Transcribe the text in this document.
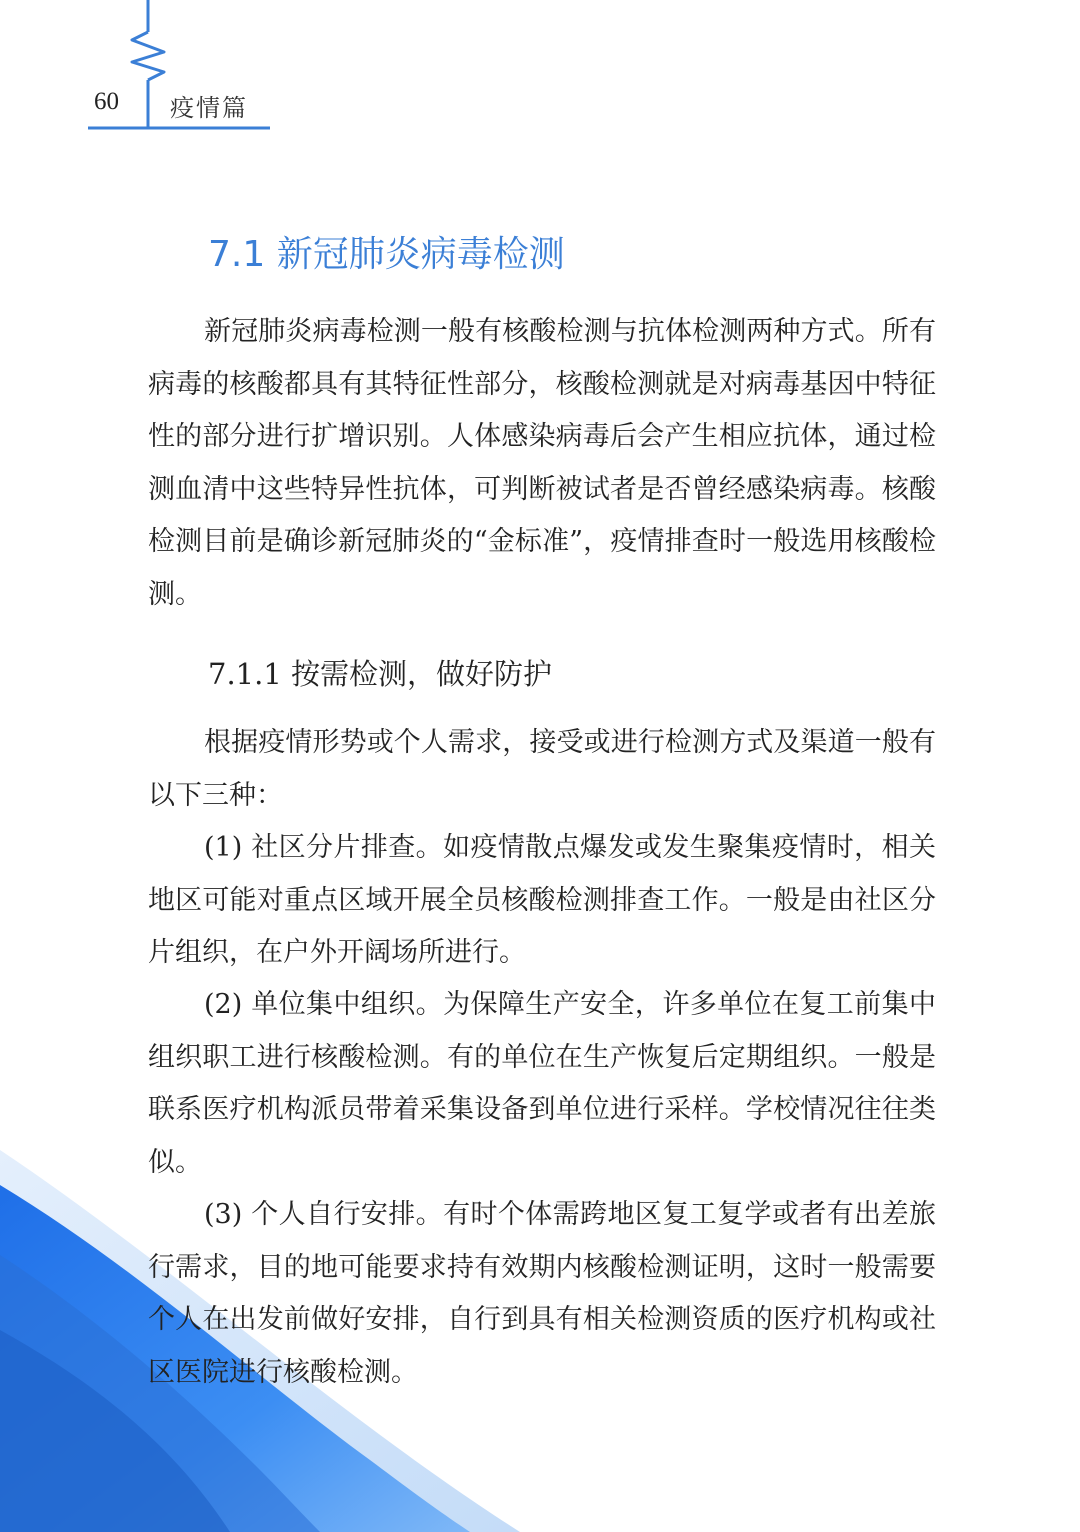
60 疫情篇
7.1 新冠肺炎病毒检测

新冠肺炎病毒检测一般有核酸检测与抗体检测两种方式。所有病毒的核酸都具有其特征性部分，核酸检测就是对病毒基因中特征性的部分进行扩增识别。人体感染病毒后会产生相应抗体，通过检测血清中这些特异性抗体，可判断被试者是否曾经感染病毒。核酸检测目前是确诊新冠肺炎的“金标准”，疫情排查时一般选用核酸检测。

7.1.1 按需检测，做好防护

根据疫情形势或个人需求，接受或进行检测方式及渠道一般有以下三种：

(1) 社区分片排查。如疫情散点爆发或发生聚集疫情时，相关地区可能对重点区域开展全员核酸检测排查工作。一般是由社区分片组织，在户外开阔场所进行。

(2) 单位集中组织。为保障生产安全，许多单位在复工前集中组织职工进行核酸检测。有的单位在生产恢复后定期组织。一般是联系医疗机构派员带着采集设备到单位进行采样。学校情况往往类似。

(3) 个人自行安排。有时个体需跨地区复工复学或者有出差旅行需求，目的地可能要求持有效期内核酸检测证明，这时一般需要个人在出发前做好安排，自行到具有相关检测资质的医疗机构或社区医院进行核酸检测。
